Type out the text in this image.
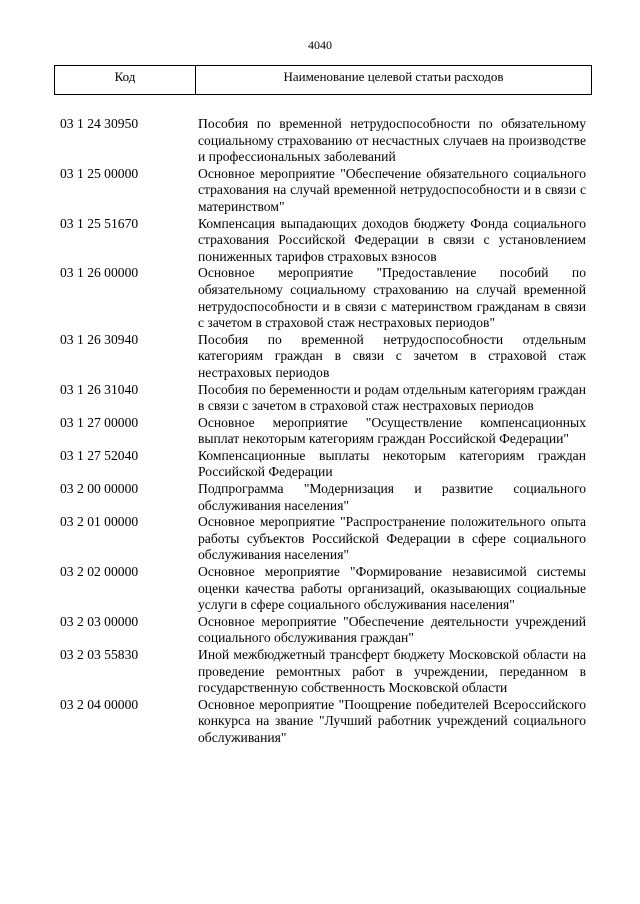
4040
Код	Наименование целевой статьи расходов
03 1 24 30950	Пособия по временной нетрудоспособности по обязательному социальному страхованию от несчастных случаев на производстве и профессиональных заболеваний
03 1 25 00000	Основное мероприятие "Обеспечение обязательного социального страхования на случай временной нетрудоспособности и в связи с материнством"
03 1 25 51670	Компенсация выпадающих доходов бюджету Фонда социального страхования Российской Федерации в связи с установлением пониженных тарифов страховых взносов
03 1 26 00000	Основное мероприятие "Предоставление пособий по обязательному социальному страхованию на случай временной нетрудоспособности и в связи с материнством гражданам в связи с зачетом в страховой стаж нестраховых периодов"
03 1 26 30940	Пособия по временной нетрудоспособности отдельным категориям граждан в связи с зачетом в страховой стаж нестраховых периодов
03 1 26 31040	Пособия по беременности и родам отдельным категориям граждан в связи с зачетом в страховой стаж нестраховых периодов
03 1 27 00000	Основное мероприятие "Осуществление компенсационных выплат некоторым категориям граждан Российской Федерации"
03 1 27 52040	Компенсационные выплаты некоторым категориям граждан Российской Федерации
03 2 00 00000	Подпрограмма "Модернизация и развитие социального обслуживания населения"
03 2 01 00000	Основное мероприятие "Распространение положительного опыта работы субъектов Российской Федерации в сфере социального обслуживания населения"
03 2 02 00000	Основное мероприятие "Формирование независимой системы оценки качества работы организаций, оказывающих социальные услуги в сфере социального обслуживания населения"
03 2 03 00000	Основное мероприятие "Обеспечение деятельности учреждений социального обслуживания граждан"
03 2 03 55830	Иной межбюджетный трансферт бюджету Московской области на проведение ремонтных работ в учреждении, переданном в государственную собственность Московской области
03 2 04 00000	Основное мероприятие "Поощрение победителей Всероссийского конкурса на звание "Лучший работник учреждений социального обслуживания"
